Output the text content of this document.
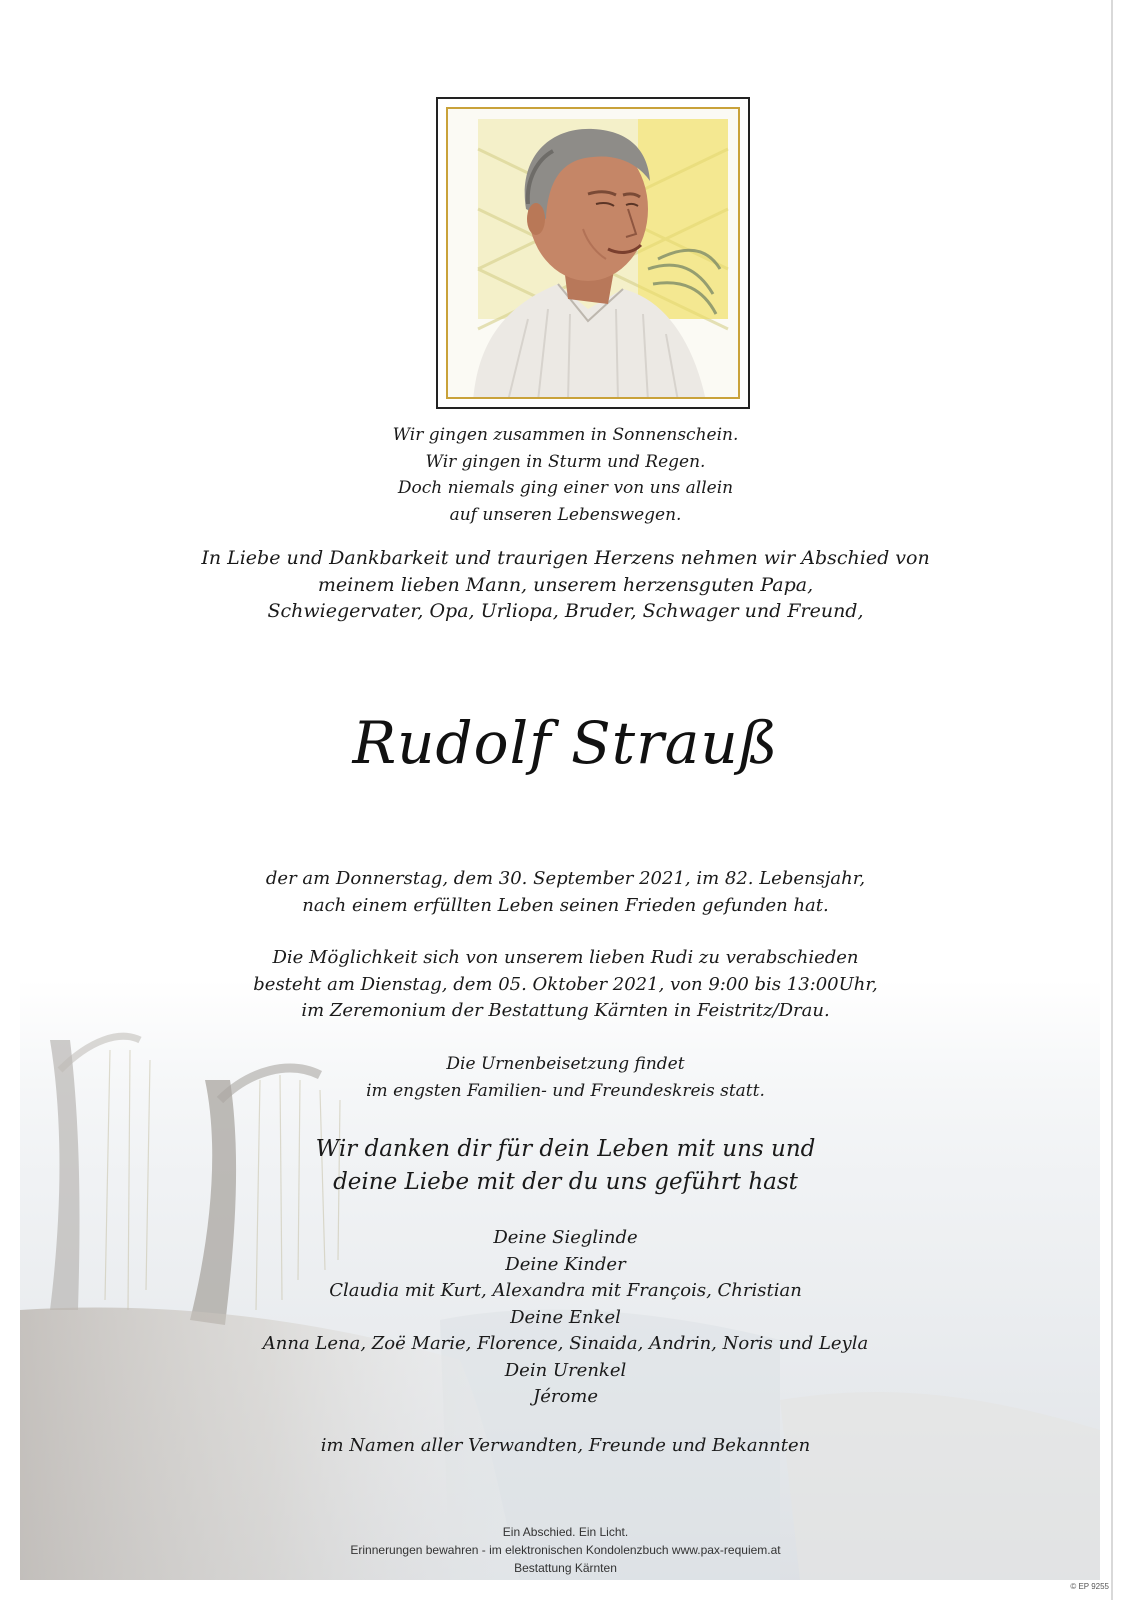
Wir gingen zusammen in Sonnenschein.

Wir gingen in Sturm und Regen.

Doch niemals ging einer von uns allein

auf unseren Lebenswegen.

In Liebe und Dankbarkeit und traurigen Herzens nehmen wir Abschied von

meinem lieben Mann, unserem herzensguten Papa,

Schwiegervater, Opa, Urliopa, Bruder, Schwager und Freund,

Rudolf Strauß

der am Donnerstag, dem 30. September 2021, im 82. Lebensjahr,

nach einem erfüllten Leben seinen Frieden gefunden hat.

Die Möglichkeit sich von unserem lieben Rudi zu verabschieden

besteht am Dienstag, dem 05. Oktober 2021, von 9:00 bis 13:00Uhr,

im Zeremonium der Bestattung Kärnten in Feistritz/Drau.

Die Urnenbeisetzung findet

im engsten Familien- und Freundeskreis statt.

Wir danken dir für dein Leben mit uns und

deine Liebe mit der du uns geführt hast

Deine Sieglinde

Deine Kinder

Claudia mit Kurt, Alexandra mit François, Christian

Deine Enkel

Anna Lena, Zoë Marie, Florence, Sinaida, Andrin, Noris und Leyla

Dein Urenkel

Jérome

im Namen aller Verwandten, Freunde und Bekannten

Ein Abschied. Ein Licht.

Erinnerungen bewahren - im elektronischen Kondolenzbuch www.pax-requiem.at

Bestattung Kärnten

© EP 9255
